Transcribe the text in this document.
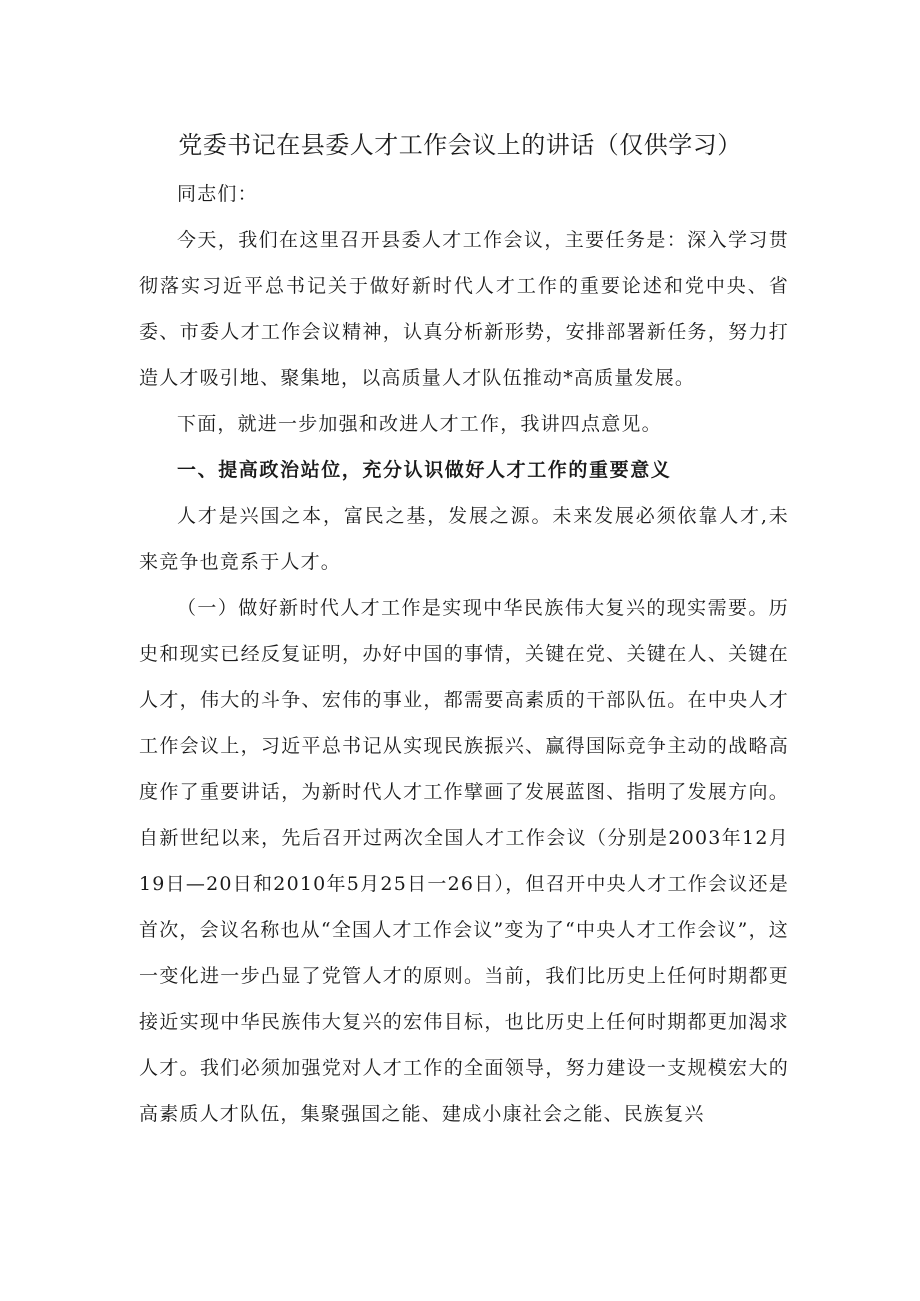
党委书记在县委人才工作会议上的讲话（仅供学习）

同志们：

今天，我们在这里召开县委人才工作会议，主要任务是：深入学习贯彻落实习近平总书记关于做好新时代人才工作的重要论述和党中央、省委、市委人才工作会议精神，认真分析新形势，安排部署新任务，努力打造人才吸引地、聚集地，以高质量人才队伍推动*高质量发展。

下面，就进一步加强和改进人才工作，我讲四点意见。

一、提高政治站位，充分认识做好人才工作的重要意义

人才是兴国之本，富民之基，发展之源。未来发展必须依靠人才,未来竞争也竟系于人才。

（一）做好新时代人才工作是实现中华民族伟大复兴的现实需要。历史和现实已经反复证明，办好中国的事情，关键在党、关键在人、关键在人才，伟大的斗争、宏伟的事业，都需要高素质的干部队伍。在中央人才工作会议上，习近平总书记从实现民族振兴、赢得国际竞争主动的战略高度作了重要讲话，为新时代人才工作擘画了发展蓝图、指明了发展方向。自新世纪以来，先后召开过两次全国人才工作会议（分别是2003年12月19日—20日和2010年5月25日一26日），但召开中央人才工作会议还是首次，会议名称也从“全国人才工作会议”变为了“中央人才工作会议”，这一变化进一步凸显了党管人才的原则。当前，我们比历史上任何时期都更接近实现中华民族伟大复兴的宏伟目标，也比历史上任何时期都更加渴求人才。我们必须加强党对人才工作的全面领导，努力建设一支规模宏大的高素质人才队伍，集聚强国之能、建成小康社会之能、民族复兴
